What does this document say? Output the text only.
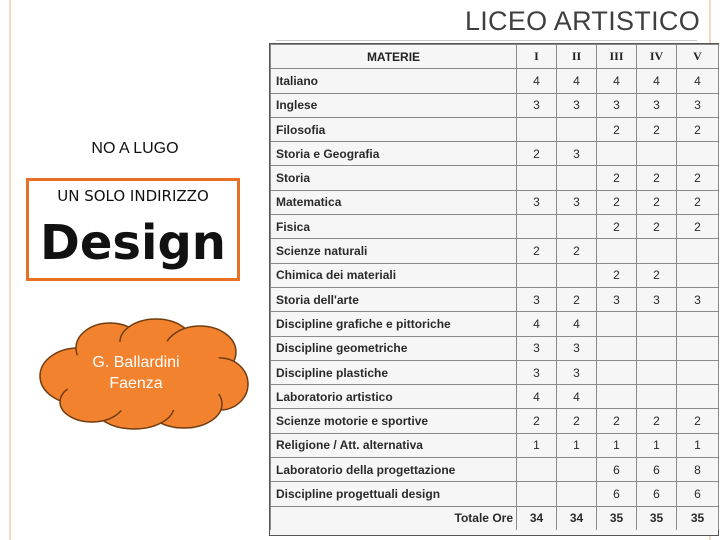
LICEO ARTISTICO
NO A LUGO
UN SOLO INDIRIZZO
Design
G. Ballardini
Faenza
MATERIE	I	II	III	IV	V
Italiano	4	4	4	4	4
Inglese	3	3	3	3	3
Filosofia			2	2	2
Storia e Geografia	2	3			
Storia			2	2	2
Matematica	3	3	2	2	2
Fisica			2	2	2
Scienze naturali	2	2			
Chimica dei materiali			2	2	
Storia dell'arte	3	2	3	3	3
Discipline grafiche e pittoriche	4	4			
Discipline geometriche	3	3			
Discipline plastiche	3	3			
Laboratorio artistico	4	4			
Scienze motorie e sportive	2	2	2	2	2
Religione / Att. alternativa	1	1	1	1	1
Laboratorio della progettazione			6	6	8
Discipline progettuali design			6	6	6
Totale Ore	34	34	35	35	35
